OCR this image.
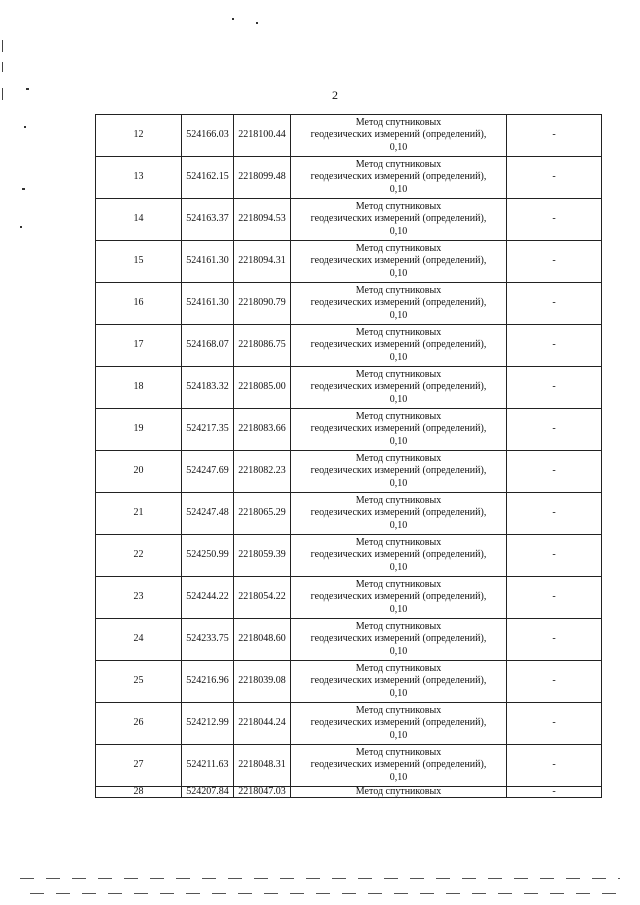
2
12	524166.03	2218100.44	Метод спутниковых
геодезических измерений (определений),
0,10	-
13	524162.15	2218099.48	Метод спутниковых
геодезических измерений (определений),
0,10	-
14	524163.37	2218094.53	Метод спутниковых
геодезических измерений (определений),
0,10	-
15	524161.30	2218094.31	Метод спутниковых
геодезических измерений (определений),
0,10	-
16	524161.30	2218090.79	Метод спутниковых
геодезических измерений (определений),
0,10	-
17	524168.07	2218086.75	Метод спутниковых
геодезических измерений (определений),
0,10	-
18	524183.32	2218085.00	Метод спутниковых
геодезических измерений (определений),
0,10	-
19	524217.35	2218083.66	Метод спутниковых
геодезических измерений (определений),
0,10	-
20	524247.69	2218082.23	Метод спутниковых
геодезических измерений (определений),
0,10	-
21	524247.48	2218065.29	Метод спутниковых
геодезических измерений (определений),
0,10	-
22	524250.99	2218059.39	Метод спутниковых
геодезических измерений (определений),
0,10	-
23	524244.22	2218054.22	Метод спутниковых
геодезических измерений (определений),
0,10	-
24	524233.75	2218048.60	Метод спутниковых
геодезических измерений (определений),
0,10	-
25	524216.96	2218039.08	Метод спутниковых
геодезических измерений (определений),
0,10	-
26	524212.99	2218044.24	Метод спутниковых
геодезических измерений (определений),
0,10	-
27	524211.63	2218048.31	Метод спутниковых
геодезических измерений (определений),
0,10	-
28	524207.84	2218047.03	Метод спутниковых	-
